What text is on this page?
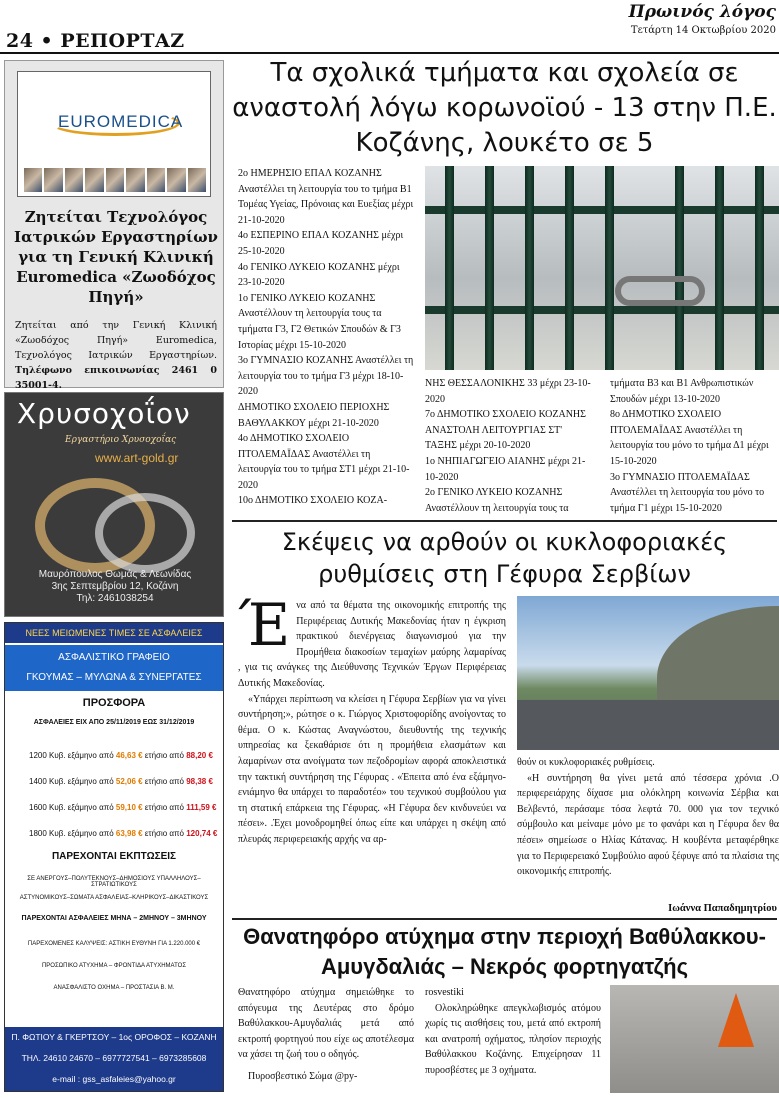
Πρωινός λόγος
Τετάρτη 14 Οκτωβρίου 2020
24 • ΡΕΠΟΡΤΑΖ
EUROMEDICA
Ζητείται Τεχνολόγος Ιατρικών Εργαστηρίων για τη Γενική Κλινική Euromedica «Ζωοδόχος Πηγή»
Ζητείται από την Γενική Κλινική «Ζωοδόχος Πηγή» Euromedica, Τεχνολόγος Ιατρικών Εργαστηρίων. Τηλέφωνο επικοινωνίας 2461 0 35001-4.
Χρυσοχοΐον
Εργαστήριο Χρυσοχοΐας
www.art-gold.gr
Μαυρόπουλος Θωμάς & Λεωνίδας
3ης Σεπτεμβρίου 12, Κοζάνη
Τηλ: 2461038254
ΝΕΕΣ ΜΕΙΩΜΕΝΕΣ ΤΙΜΕΣ ΣΕ ΑΣΦΑΛΕΙΕΣ
ΑΣΦΑΛΙΣΤΙΚΟ ΓΡΑΦΕΙΟ
ΓΚΟΥΜΑΣ – ΜΥΛΩΝΑ & ΣΥΝΕΡΓΑΤΕΣ
ΠΡΟΣΦΟΡΑ
ΑΣΦΑΛΕΙΕΣ ΕΙΧ ΑΠΟ 25/11/2019 ΕΩΣ 31/12/2019
1200 Κυβ. εξάμηνο από 46,63 € ετήσιο από 88,20 €
1400 Κυβ. εξάμηνο από 52,06 € ετήσιο από 98,38 €
1600 Κυβ. εξάμηνο από 59,10 € ετήσιο από 111,59 €
1800 Κυβ. εξάμηνο από 63,98 € ετήσιο από 120,74 €
ΠΑΡΕΧΟΝΤΑΙ ΕΚΠΤΩΣΕΙΣ
ΣΕ ΑΝΕΡΓΟΥΣ–ΠΟΛΥΤΕΚΝΟΥΣ–ΔΗΜΟΣΙΟΥΣ ΥΠΑΛΛΗΛΟΥΣ–ΣΤΡΑΤΙΩΤΙΚΟΥΣ
ΑΣΤΥΝΟΜΙΚΟΥΣ–ΣΩΜΑΤΑ ΑΣΦΑΛΕΙΑΣ–ΚΛΗΡΙΚΟΥΣ–ΔΙΚΑΣΤΙΚΟΥΣ
ΠΑΡΕΧΟΝΤΑΙ ΑΣΦΑΛΕΙΕΣ ΜΗΝΑ – 2ΜΗΝΟΥ – 3ΜΗΝΟΥ
ΠΑΡΕΧΟΜΕΝΕΣ ΚΑΛΥΨΕΙΣ: ΑΣΤΙΚΗ ΕΥΘΥΝΗ ΓΙΑ 1.220.000 €
ΠΡΟΣΩΠΙΚΟ ΑΤΥΧΗΜΑ – ΦΡΟΝΤΙΔΑ ΑΤΥΧΗΜΑΤΟΣ
ΑΝΑΣΦΑΛΙΣΤΟ ΟΧΗΜΑ – ΠΡΟΣΤΑΣΙΑ Β. Μ.
Π. ΦΩΤΙΟΥ & ΓΚΕΡΤΣΟΥ – 1ος ΟΡΟΦΟΣ – ΚΟΖΑΝΗ
ΤΗΛ. 24610 24670 – 6977727541 – 6973285608
e-mail : gss_asfaleies@yahoo.gr
Τα σχολικά τμήματα και σχολεία σε αναστολή λόγω κορωνοϊού - 13 στην Π.Ε. Κοζάνης, λουκέτο σε 5

2ο ΗΜΕΡΗΣΙΟ ΕΠΑΛ ΚΟΖΑΝΗΣ Αναστέλλει τη λειτουργία του το τμήμα Β1 Τομέας Υγείας, Πρόνοιας και Ευεξίας μέχρι 21-10-2020

4ο ΕΣΠΕΡΙΝΟ ΕΠΑΛ ΚΟΖΑΝΗΣ μέχρι 25-10-2020

4ο ΓΕΝΙΚΟ ΛΥΚΕΙΟ ΚΟΖΑΝΗΣ μέχρι 23-10-2020

1ο ΓΕΝΙΚΟ ΛΥΚΕΙΟ ΚΟΖΑΝΗΣ Αναστέλλουν τη λειτουργία τους τα τμήματα Γ3, Γ2 Θετικών Σπουδών & Γ3 Ιστορίας μέχρι 15-10-2020

3ο ΓΥΜΝΑΣΙΟ ΚΟΖΑΝΗΣ Αναστέλλει τη λειτουργία του το τμήμα Γ3 μέχρι 18-10-2020

ΔΗΜΟΤΙΚΟ ΣΧΟΛΕΙΟ ΠΕΡΙΟΧΗΣ ΒΑΘΥΛΑΚΚΟΥ μέχρι 21-10-2020

4ο ΔΗΜΟΤΙΚΟ ΣΧΟΛΕΙΟ ΠΤΟΛΕΜΑΪΔΑΣ Αναστέλλει τη λειτουργία του το τμήμα ΣΤ1 μέχρι 21-10-2020

10ο ΔΗΜΟΤΙΚΟ ΣΧΟΛΕΙΟ ΚΟΖΑ-

ΝΗΣ ΘΕΣΣΑΛΟΝΙΚΗΣ 33 μέχρι 23-10-2020

7ο ΔΗΜΟΤΙΚΟ ΣΧΟΛΕΙΟ ΚΟΖΑΝΗΣ ΑΝΑΣΤΟΛΗ ΛΕΙΤΟΥΡΓΙΑΣ ΣΤ' ΤΑΞΗΣ μέχρι 20-10-2020

1ο ΝΗΠΙΑΓΩΓΕΙΟ ΑΙΑΝΗΣ μέχρι 21-10-2020

2ο ΓΕΝΙΚΟ ΛΥΚΕΙΟ ΚΟΖΑΝΗΣ Αναστέλλουν τη λειτουργία τους τα

τμήματα Β3 και Β1 Ανθρωπιστικών Σπουδών μέχρι 13-10-2020

8ο ΔΗΜΟΤΙΚΟ ΣΧΟΛΕΙΟ ΠΤΟΛΕΜΑΪΔΑΣ Αναστέλλει τη λειτουργία του μόνο το τμήμα Δ1 μέχρι 15-10-2020

3ο ΓΥΜΝΑΣΙΟ ΠΤΟΛΕΜΑΪΔΑΣ Αναστέλλει τη λειτουργία του μόνο το τμήμα Γ1 μέχρι 15-10-2020

Σκέψεις να αρθούν οι κυκλοφοριακές ρυθμίσεις στη Γέφυρα Σερβίων

Ένα από τα θέματα της οικονομικής επιτροπής της Περιφέρειας Δυτικής Μακεδονίας ήταν η έγκριση πρακτικού διενέργειας διαγωνισμού για την Προμήθεια διακοσίων τεμαχίων μαύρης λαμαρίνας , για τις ανάγκες της Διεύθυνσης Τεχνικών Έργων Περιφέρειας Δυτικής Μακεδονίας.

«Υπάρχει περίπτωση να κλείσει η Γέφυρα Σερβίων για να γίνει συντήρηση;», ρώτησε ο κ. Γιώργος Χριστοφορίδης ανοίγοντας το θέμα. Ο κ. Κώστας Αναγνώστου, διευθυντής της τεχνικής υπηρεσίας κα ξεκαθάρισε ότι η προμήθεια ελασμάτων και λαμαρίνων στα ανοίγματα των πεζοδρομίων αφορά αποκλειστικά την τακτική συντήρηση της Γέφυρας . «Έπειτα από ένα εξάμηνο-ενιάμηνο θα υπάρχει το παραδοτέο» του τεχνικού συμβούλου για τη στατική επάρκεια της Γέφυρας. «Η Γέφυρα δεν κινδυνεύει να πέσει». .Έχει μονοδρομηθεί όπως είπε και υπάρχει η σκέψη από πλευράς περιφερειακής αρχής να αρ-

θούν οι κυκλοφοριακές ρυθμίσεις.

«Η συντήρηση θα γίνει μετά από τέσσερα χρόνια .Ο περιφερειάρχης δίχασε μια ολόκληρη κοινωνία Σέρβια και Βελβεντό, περάσαμε τόσα λεφτά 70. 000 για τον τεχνικό σύμβουλο και μείναμε μόνο με το φανάρι και η Γέφυρα δεν θα πέσει» σημείωσε ο Ηλίας Κάτανας. Η κουβέντα μεταφέρθηκε για το Περιφερειακό Συμβούλιο αφού ξέφυγε από τα πλαίσια της οικονομικής επιτροπής.

Ιωάννα Παπαδημητρίου
Θανατηφόρο ατύχημα στην περιοχή Βαθύλακκου-Αμυγδαλιάς – Νεκρός φορτηγατζής

Θανατηφόρο ατύχημα σημειώθηκε το απόγευμα της Δευτέρας στο δρόμο Βαθύλακκου-Αμυγδαλιάς μετά από εκτροπή φορτηγού που είχε ως αποτέλεσμα να χάσει τη ζωή του ο οδηγός.

Πυροσβεστικό Σώμα @py-

rosvestiki

Ολοκληρώθηκε απεγκλωβισμός ατόμου χωρίς τις αισθήσεις του, μετά από εκτροπή και ανατροπή οχήματος, πλησίον περιοχής Βαθύλακκου Κοζάνης. Επιχείρησαν 11 πυροσβέστες με 3 οχήματα.
